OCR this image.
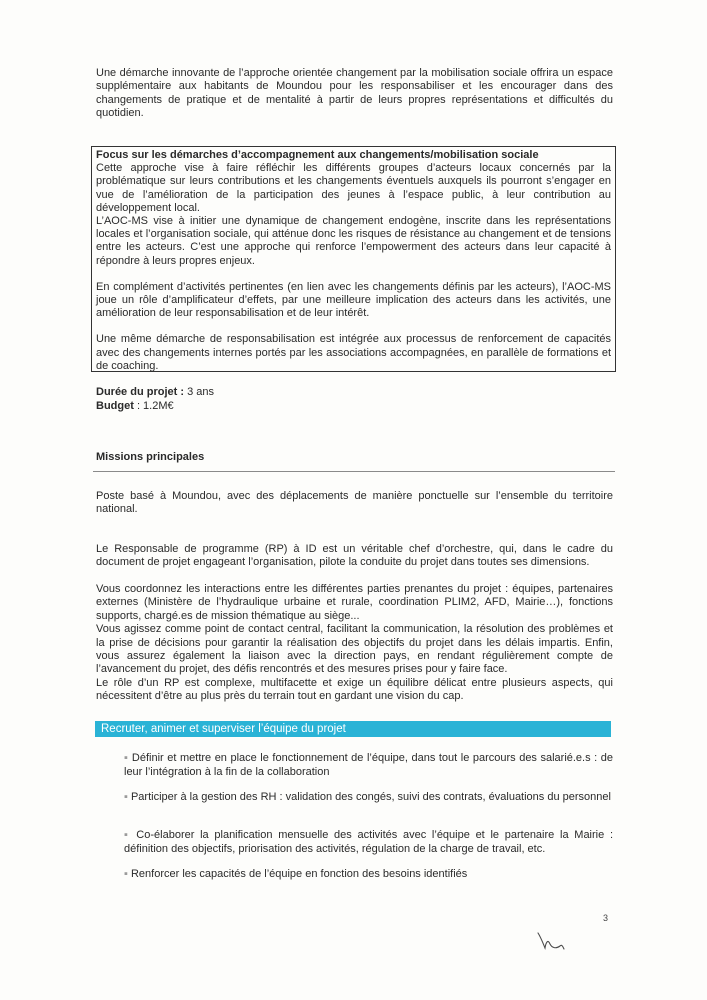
Une démarche innovante de l’approche orientée changement par la mobilisation sociale offrira un espace supplémentaire aux habitants de Moundou pour les responsabiliser et les encourager dans des changements de pratique et de mentalité à partir de leurs propres représentations et difficultés du quotidien.

Focus sur les démarches d’accompagnement aux changements/mobilisation sociale

Cette approche vise à faire réfléchir les différents groupes d’acteurs locaux concernés par la problématique sur leurs contributions et les changements éventuels auxquels ils pourront s’engager en vue de l’amélioration de la participation des jeunes à l’espace public, à leur contribution au développement local.

L’AOC-MS vise à initier une dynamique de changement endogène, inscrite dans les représentations locales et l’organisation sociale, qui atténue donc les risques de résistance au changement et de tensions entre les acteurs. C’est une approche qui renforce l’empowerment des acteurs dans leur capacité à répondre à leurs propres enjeux.

En complément d’activités pertinentes (en lien avec les changements définis par les acteurs), l’AOC-MS joue un rôle d’amplificateur d’effets, par une meilleure implication des acteurs dans les activités, une amélioration de leur responsabilisation et de leur intérêt.

Une même démarche de responsabilisation est intégrée aux processus de renforcement de capacités avec des changements internes portés par les associations accompagnées, en parallèle de formations et de coaching.

Durée du projet : 3 ans
Budget : 1.2M€
Missions principales

Poste basé à Moundou, avec des déplacements de manière ponctuelle sur l’ensemble du territoire national.

Le Responsable de programme (RP) à ID est un véritable chef d’orchestre, qui, dans le cadre du document de projet engageant l’organisation, pilote la conduite du projet dans toutes ses dimensions.

Vous coordonnez les interactions entre les différentes parties prenantes du projet : équipes, partenaires externes (Ministère de l’hydraulique urbaine et rurale, coordination PLIM2, AFD, Mairie…), fonctions supports, chargé.es de mission thématique au siège...

Vous agissez comme point de contact central, facilitant la communication, la résolution des problèmes et la prise de décisions pour garantir la réalisation des objectifs du projet dans les délais impartis. Enfin, vous assurez également la liaison avec la direction pays, en rendant régulièrement compte de l’avancement du projet, des défis rencontrés et des mesures prises pour y faire face.

Le rôle d’un RP est complexe, multifacette et exige un équilibre délicat entre plusieurs aspects, qui nécessitent d’être au plus près du terrain tout en gardant une vision du cap.

Recruter, animer et superviser l’équipe du projet

▪ Définir et mettre en place le fonctionnement de l’équipe, dans tout le parcours des salarié.e.s : de leur l’intégration à la fin de la collaboration

▪ Participer à la gestion des RH : validation des congés, suivi des contrats, évaluations du personnel

▪ Co-élaborer la planification mensuelle des activités avec l’équipe et le partenaire la Mairie : définition des objectifs, priorisation des activités, régulation de la charge de travail, etc.

▪ Renforcer les capacités de l’équipe en fonction des besoins identifiés

3
